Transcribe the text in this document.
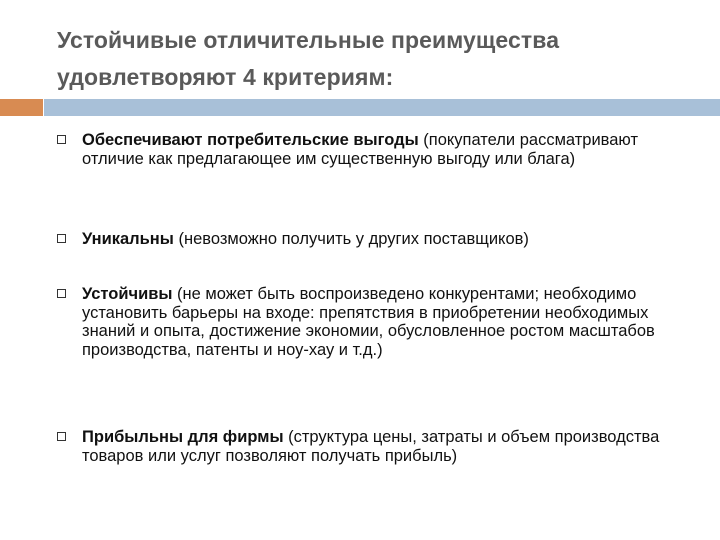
Устойчивые отличительные преимущества удовлетворяют 4 критериям:
Обеспечивают потребительские выгоды (покупатели рассматривают отличие как предлагающее им существенную выгоду или блага)
Уникальны (невозможно получить у других поставщиков)
Устойчивы (не может быть воспроизведено конкурентами; необходимо установить барьеры на входе: препятствия в приобретении необходимых знаний и опыта, достижение экономии, обусловленное ростом масштабов производства, патенты и ноу-хау и т.д.)
Прибыльны для фирмы (структура цены, затраты и объем производства товаров или услуг позволяют получать прибыль)
